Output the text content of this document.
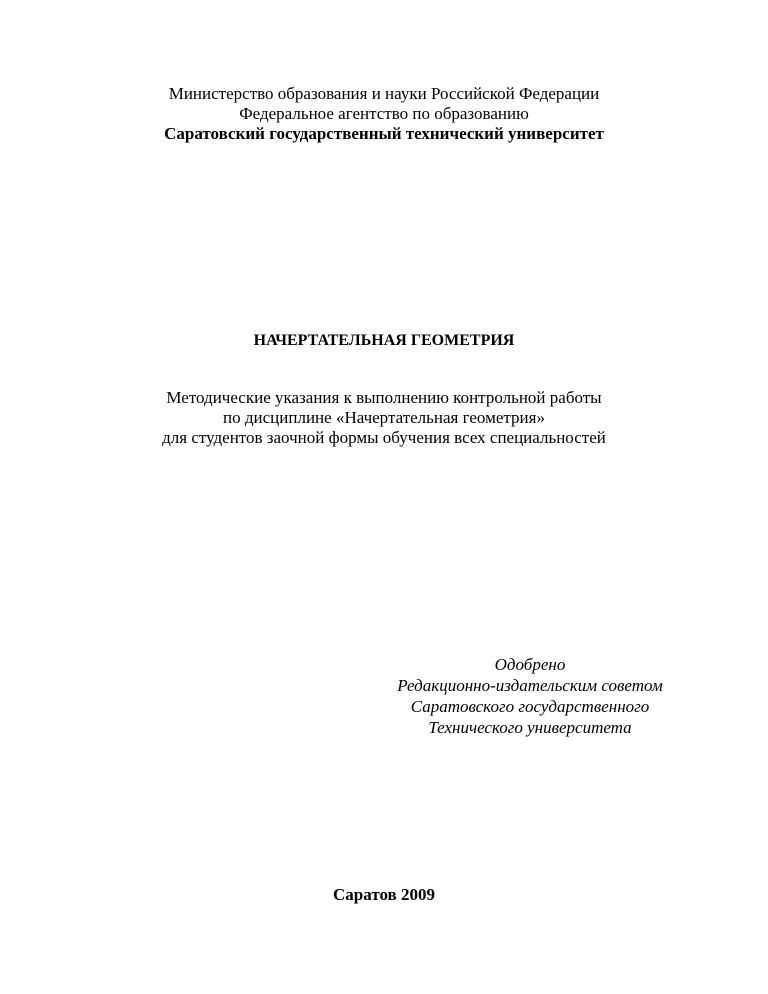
Министерство образования и науки Российской Федерации
Федеральное агентство по образованию
Саратовский государственный технический университет
НАЧЕРТАТЕЛЬНАЯ ГЕОМЕТРИЯ
Методические указания к выполнению контрольной работы
по дисциплине «Начертательная геометрия»
для студентов заочной формы обучения всех специальностей
Одобрено
Редакционно-издательским советом
Саратовского государственного
Технического университета
Саратов 2009
